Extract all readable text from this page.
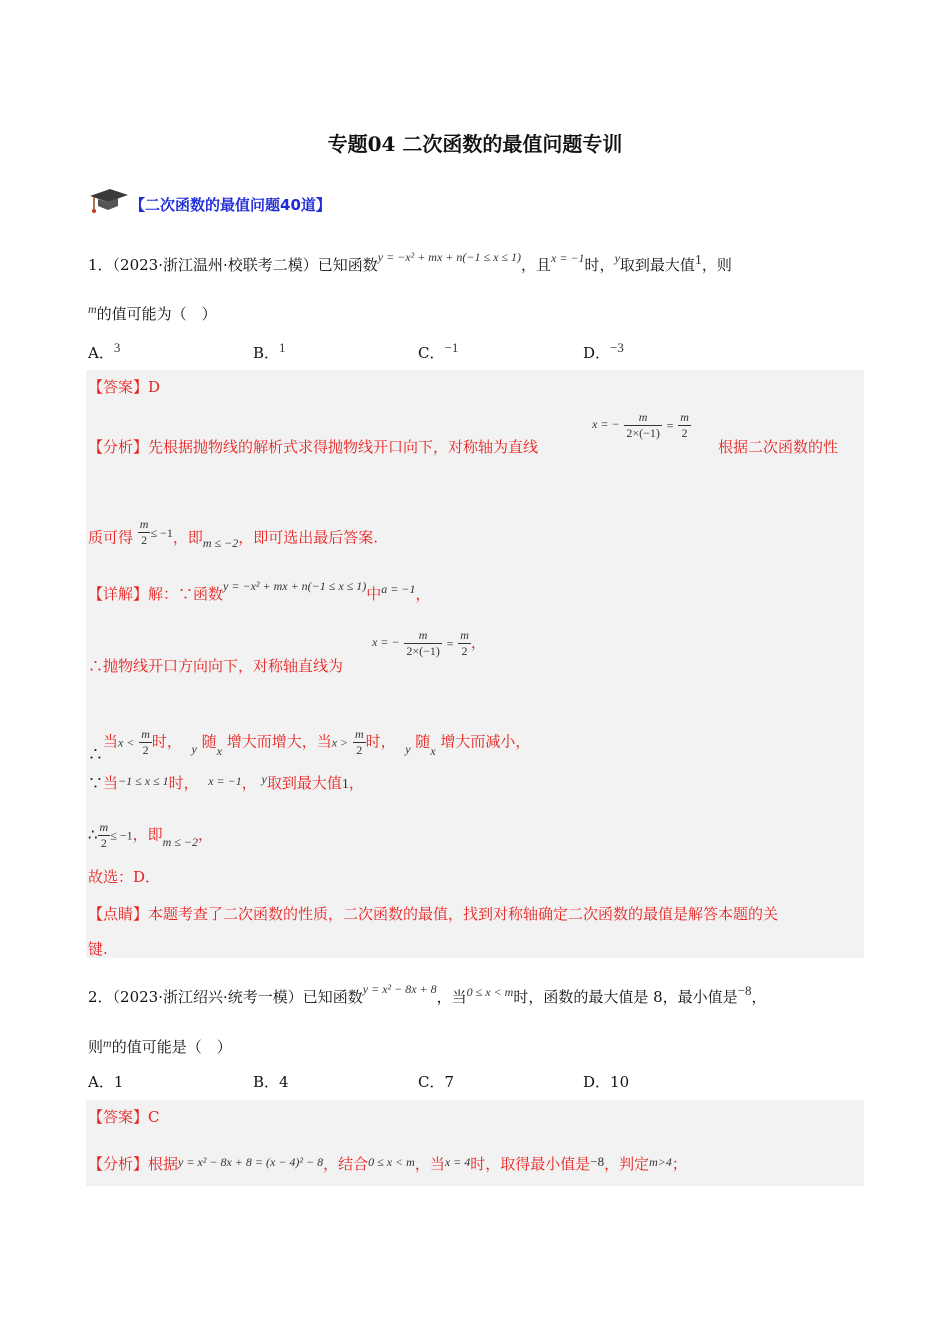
专题04 二次函数的最值问题专训
【二次函数的最值问题40道】
1．（2023·浙江温州·校联考二模）已知函数$^{y = -x^2 + mx + n(-1 \le x \le 1)}$，且$^{x = -1}$时，$^y$取到最大值1，则
$^m$的值可能为（　）
A．3	B．1	C．−1	D．−3
【答案】D
【分析】先根据抛物线的解析式求得抛物线开口向下，对称轴为直线
x = − $\frac{m}{2\times(-1)} = \frac{m}{2}$
根据二次函数的性
质可得 $\frac{m}{2} ^{\le -1}$，即$_{m \le -2}$，即可选出最后答案.
【详解】解：∵函数$^{y = -x^2 + mx + n(-1 \le x \le 1)}$中$^{a = -1}$，
∴抛物线开口方向向下，对称轴直线为
x = − $\frac{m}{2\times(-1)} = \frac{m}{2}$ ，
∴当$x < \frac{m}{2}$ 时， $_y$ 随$_x$ 增大而增大，当$x > \frac{m}{2}$ 时， $_y$ 随$_x$ 增大而减小，
∵当$^{-1 \le x \le 1}$时， $^{x = -1}$， $^y$取到最大值1，
∴ $\frac{m}{2} \le -1$，即$_{m \le -2}$，
故选：D．
【点睛】本题考查了二次函数的性质，二次函数的最值，找到对称轴确定二次函数的最值是解答本题的关
键.
2．（2023·浙江绍兴·统考一模）已知函数$^{y = x^2 - 8x + 8}$，当$^{0 \le x < m}$时，函数的最大值是 8，最小值是−8，
则$^m$的值可能是（　）
A．1	B．4	C．7	D．10
【答案】C
【分析】根据$^{y = x^2 - 8x + 8 = (x - 4)^2 - 8}$，结合$^{0 \le x < m}$，当$^{x = 4}$时，取得最小值是−8，判定$^{m>4}$；
